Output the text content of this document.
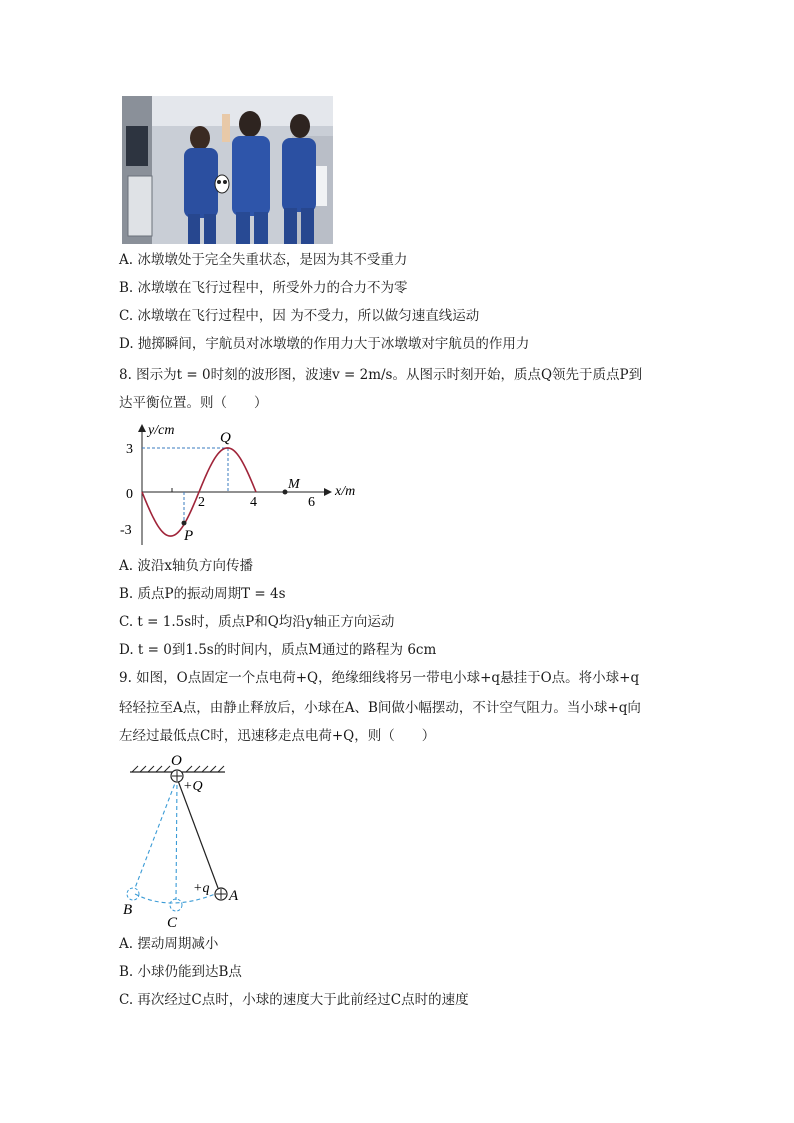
A. 冰墩墩处于完全失重状态，是因为其不受重力
B. 冰墩墩在飞行过程中，所受外力的合力不为零
C. 冰墩墩在飞行过程中，因 为不受力，所以做匀速直线运动
D. 抛掷瞬间，宇航员对冰墩墩的作用力大于冰墩墩对宇航员的作用力
8. 图示为t = 0时刻的波形图，波速v = 2m/s。从图示时刻开始，质点Q领先于质点P到
达平衡位置。则（　　）
y/cm
x/m
3
0
-3
2	4	6
Q
P
M
A. 波沿x轴负方向传播
B. 质点P的振动周期T = 4s
C. t = 1.5s时，质点P和Q均沿y轴正方向运动
D. t = 0到1.5s的时间内，质点M通过的路程为 6cm
9. 如图，O点固定一个点电荷+Q，绝缘细线将另一带电小球+q悬挂于O点。将小球+q
轻轻拉至A点，由静止释放后，小球在A、B间做小幅摆动，不计空气阻力。当小球+q向
左经过最低点C时，迅速移走点电荷+Q，则（　　）
O
+Q
+q A
B
C
A. 摆动周期减小
B. 小球仍能到达B点
C. 再次经过C点时，小球的速度大于此前经过C点时的速度
